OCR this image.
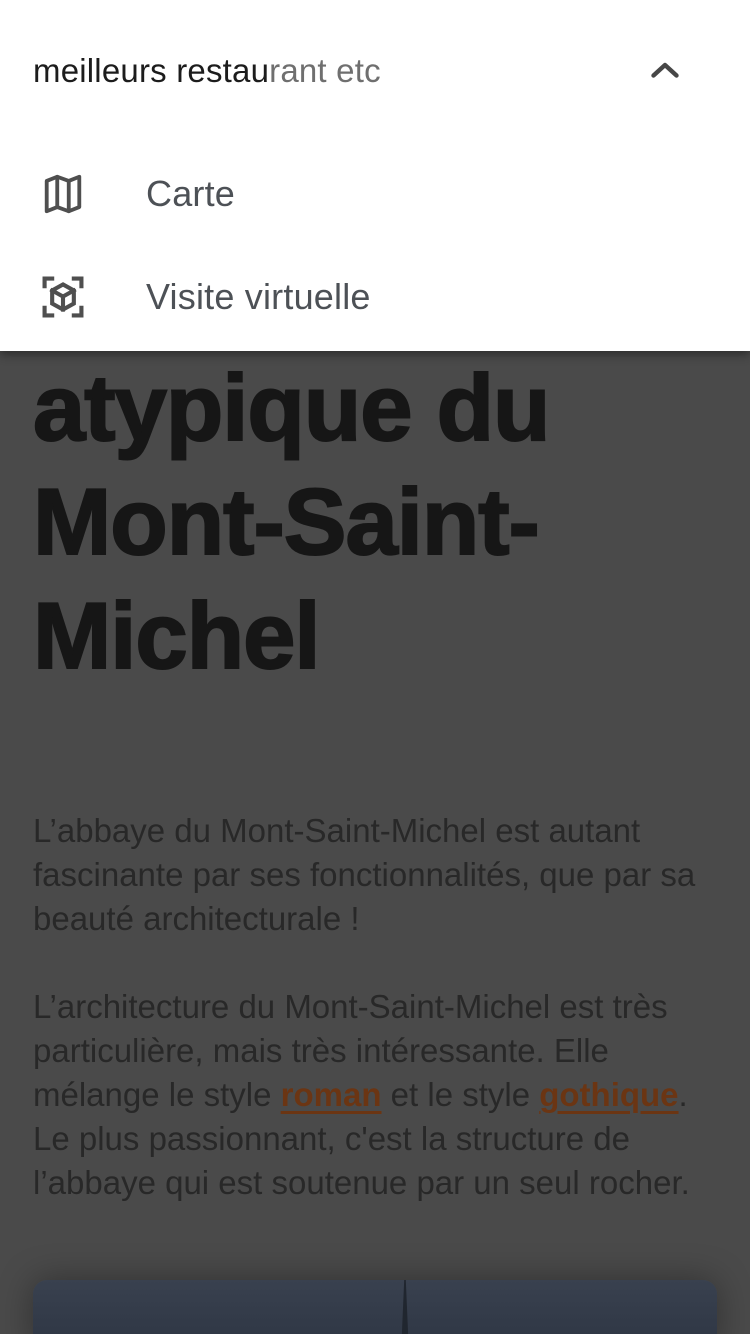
atypique du
Mont-Saint-
Michel

L’abbaye du Mont-Saint-Michel est autant fascinante par ses fonctionnalités, que par sa beauté architecturale !

L’architecture du Mont-Saint-Michel est très particulière, mais très intéressante. Elle mélange le style roman et le style gothique. Le plus passionnant, c'est la structure de l’abbaye qui est soutenue par un seul rocher.

meilleurs restaurant etc
Carte
Visite virtuelle
